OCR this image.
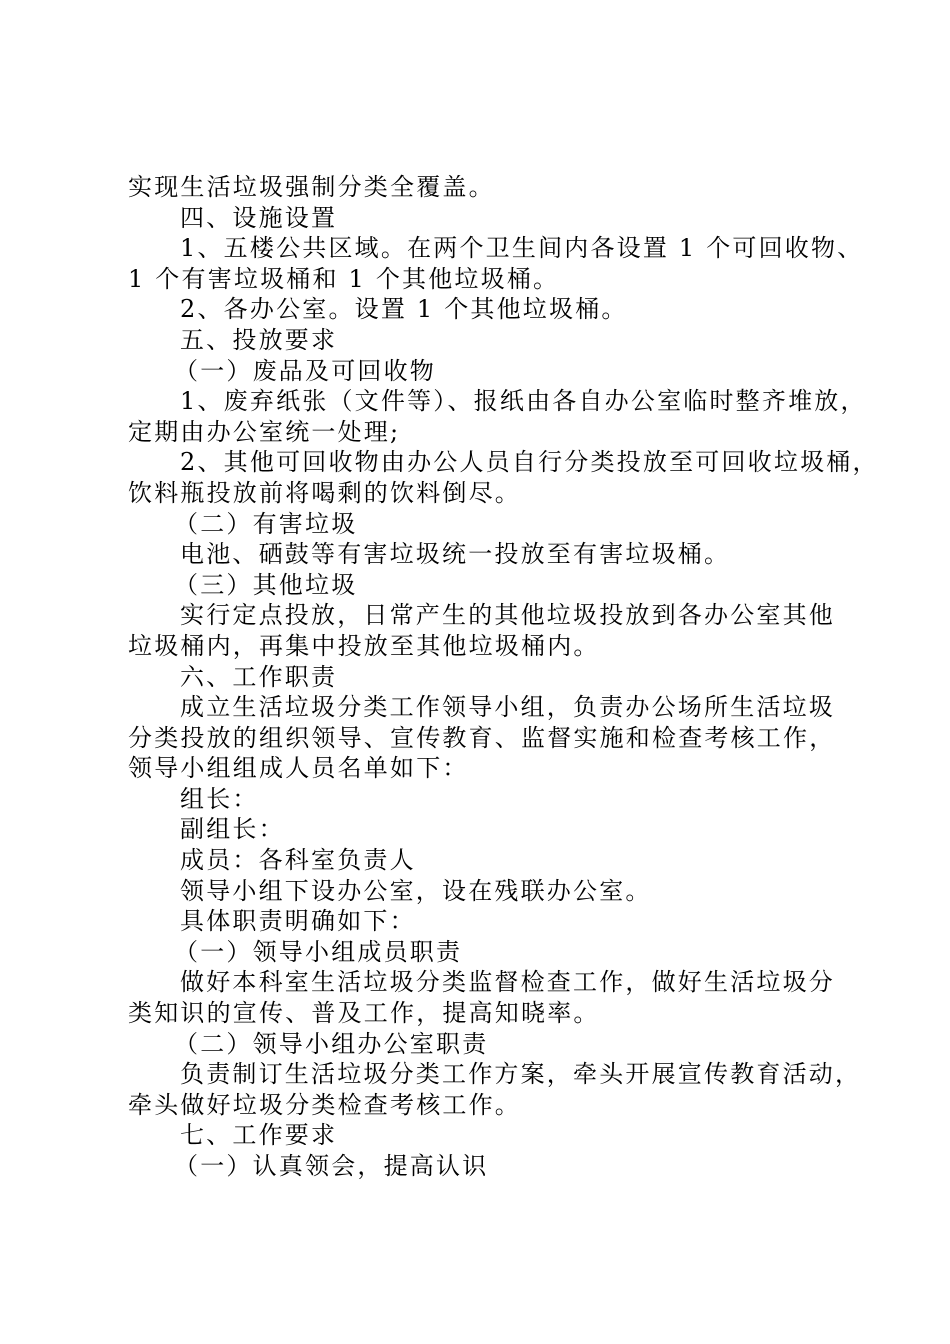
实现生活垃圾强制分类全覆盖。
四、设施设置
1、五楼公共区域。在两个卫生间内各设置 1 个可回收物、
1 个有害垃圾桶和 1 个其他垃圾桶。
2、各办公室。设置 1 个其他垃圾桶。
五、投放要求
（一）废品及可回收物
1、废弃纸张（文件等）、报纸由各自办公室临时整齐堆放，
定期由办公室统一处理;
2、其他可回收物由办公人员自行分类投放至可回收垃圾桶，
饮料瓶投放前将喝剩的饮料倒尽。
（二）有害垃圾
电池、硒鼓等有害垃圾统一投放至有害垃圾桶。
（三）其他垃圾
实行定点投放，日常产生的其他垃圾投放到各办公室其他
垃圾桶内，再集中投放至其他垃圾桶内。
六、工作职责
成立生活垃圾分类工作领导小组，负责办公场所生活垃圾
分类投放的组织领导、宣传教育、监督实施和检查考核工作，
领导小组组成人员名单如下：
组长：
副组长：
成员：各科室负责人
领导小组下设办公室，设在残联办公室。
具体职责明确如下：
（一）领导小组成员职责
做好本科室生活垃圾分类监督检查工作，做好生活垃圾分
类知识的宣传、普及工作，提高知晓率。
（二）领导小组办公室职责
负责制订生活垃圾分类工作方案，牵头开展宣传教育活动，
牵头做好垃圾分类检查考核工作。
七、工作要求
（一）认真领会，提高认识
